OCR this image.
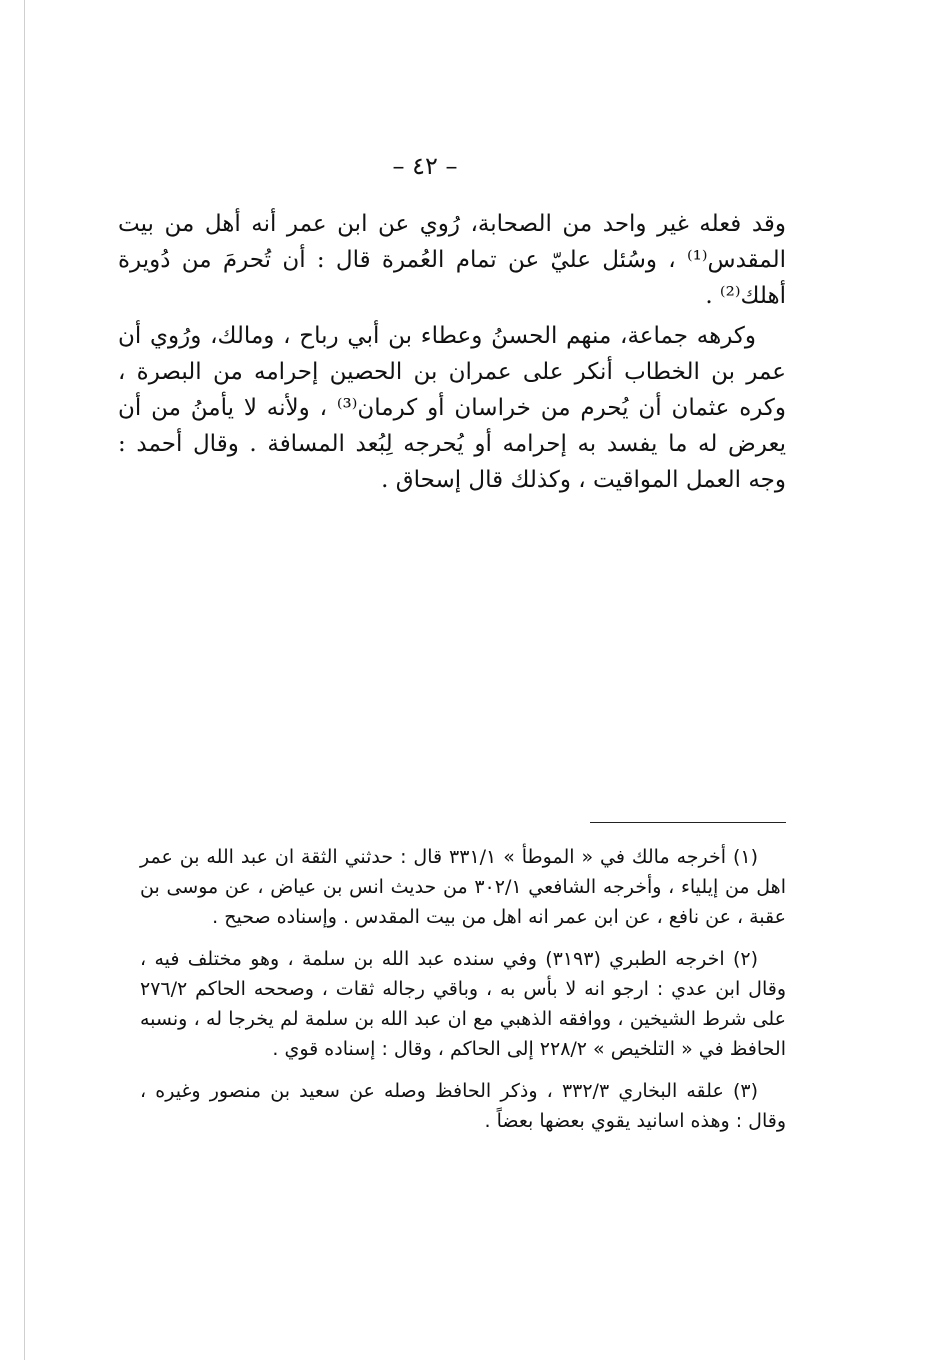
– ٤٢ –

وقد فعله غير واحد من الصحابة، رُوي عن ابن عمر أنه أهل من بيت المقدس⁽¹⁾ ، وسُئل عليّ عن تمام العُمرة قال : أن تُحرمَ من دُويرة أهلك⁽²⁾ .

وكرهه جماعة، منهم الحسنُ وعطاء بن أبي رباح ، ومالك، ورُوي أن عمر بن الخطاب أنكر على عمران بن الحصين إحرامه من البصرة ، وكره عثمان أن يُحرم من خراسان أو كرمان⁽³⁾ ، ولأنه لا يأمنُ من أن يعرض له ما يفسد به إحرامه أو يُحرجه لِبُعد المسافة . وقال أحمد : وجه العمل المواقيت ، وكذلك قال إسحاق .

(١) أخرجه مالك في « الموطأ » ٣٣١/١ قال : حدثني الثقة ان عبد الله بن عمر اهل من إيلياء ، وأخرجه الشافعي ٣٠٢/١ من حديث انس بن عياض ، عن موسى بن عقبة ، عن نافع ، عن ابن عمر انه اهل من بيت المقدس . وإسناده صحيح .

(٢) اخرجه الطبري (٣١٩٣) وفي سنده عبد الله بن سلمة ، وهو مختلف فيه ، وقال ابن عدي : ارجو انه لا بأس به ، وباقي رجاله ثقات ، وصححه الحاكم ٢٧٦/٢ على شرط الشيخين ، ووافقه الذهبي مع ان عبد الله بن سلمة لم يخرجا له ، ونسبه الحافظ في « التلخيص » ٢٢٨/٢ إلى الحاكم ، وقال : إسناده قوي .

(٣) علقه البخاري ٣٣٢/٣ ، وذكر الحافظ وصله عن سعيد بن منصور وغيره ، وقال : وهذه اسانيد يقوي بعضها بعضاً .
